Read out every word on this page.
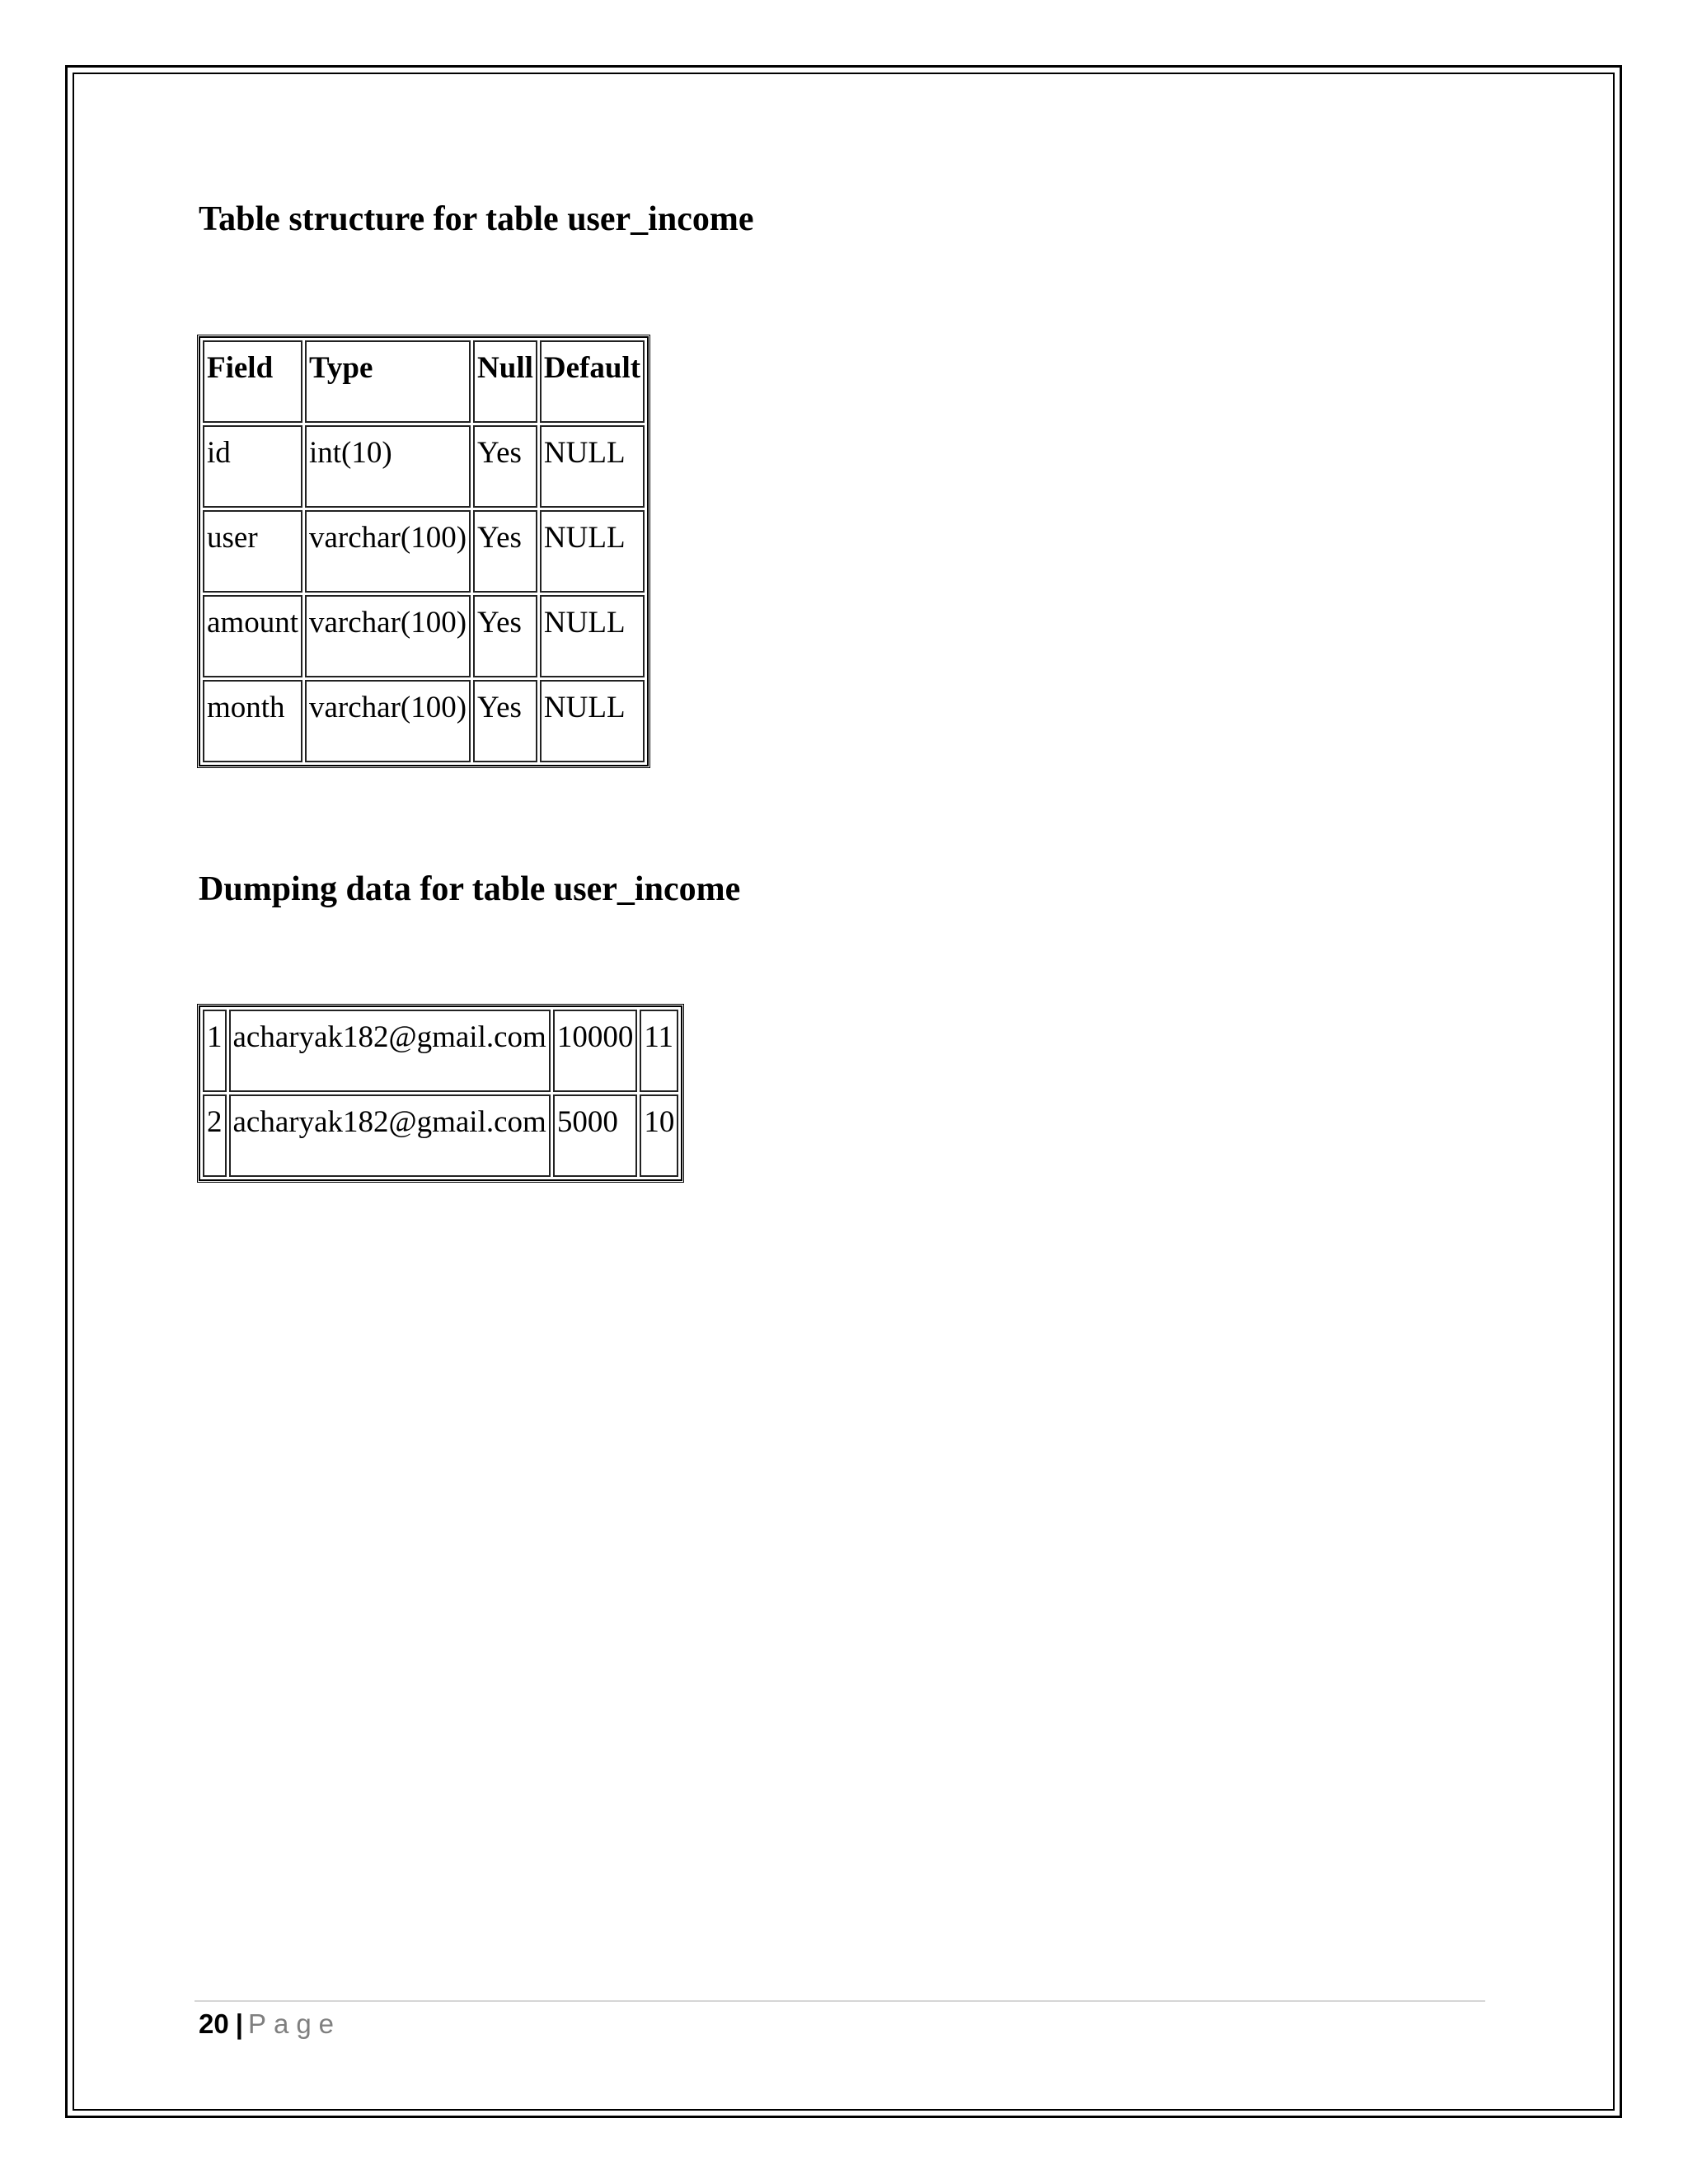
Table structure for table user_income
Field	Type	Null	Default
id	int(10)	Yes	NULL
user	varchar(100)	Yes	NULL
amount	varchar(100)	Yes	NULL
month	varchar(100)	Yes	NULL
Dumping data for table user_income
1	acharyak182@gmail.com	10000	11
2	acharyak182@gmail.com	5000	10
20 | Page
